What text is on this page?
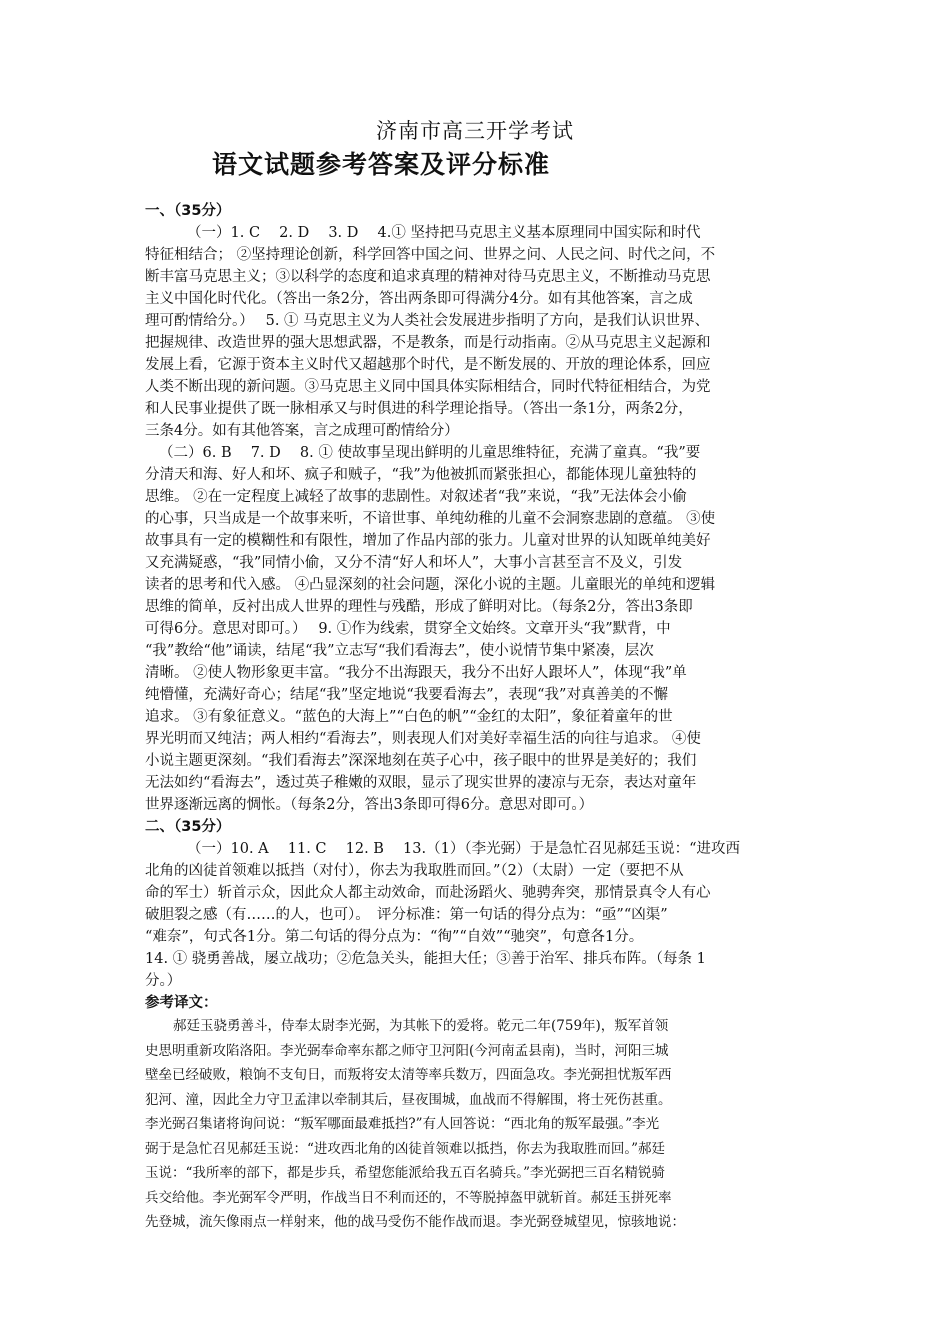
济南市高三开学考试
语文试题参考答案及评分标准
一、（35分）
（一）1. C　 2. D　 3. D　 4.① 坚持把马克思主义基本原理同中国实际和时代
特征相结合； ②坚持理论创新，科学回答中国之问、世界之问、人民之问、时代之问，不
断丰富马克思主义；③以科学的态度和追求真理的精神对待马克思主义，不断推动马克思
主义中国化时代化。（答出一条2分，答出两条即可得满分4分。如有其他答案，言之成
理可酌情给分。）　 5. ① 马克思主义为人类社会发展进步指明了方向，是我们认识世界、
把握规律、改造世界的强大思想武器，不是教条，而是行动指南。②从马克思主义起源和
发展上看，它源于资本主义时代又超越那个时代，是不断发展的、开放的理论体系，回应
人类不断出现的新问题。③马克思主义同中国具体实际相结合，同时代特征相结合，为党
和人民事业提供了既一脉相承又与时俱进的科学理论指导。（答出一条1分，两条2分，
三条4分。如有其他答案，言之成理可酌情给分）
（二）6. B　 7. D　 8. ① 使故事呈现出鲜明的儿童思维特征，充满了童真。“我”要
分清天和海、好人和坏、疯子和贼子，“我”为他被抓而紧张担心，都能体现儿童独特的
思维。 ②在一定程度上减轻了故事的悲剧性。对叙述者“我”来说，“我”无法体会小偷
的心事，只当成是一个故事来听，不谙世事、单纯幼稚的儿童不会洞察悲剧的意蕴。 ③使
故事具有一定的模糊性和有限性，增加了作品内部的张力。儿童对世界的认知既单纯美好
又充满疑惑，“我”同情小偷，又分不清“好人和坏人”，大事小言甚至言不及义，引发
读者的思考和代入感。 ④凸显深刻的社会问题，深化小说的主题。儿童眼光的单纯和逻辑
思维的简单，反衬出成人世界的理性与残酷，形成了鲜明对比。（每条2分，答出3条即
可得6分。意思对即可。）　 9. ①作为线索，贯穿全文始终。文章开头“我”默背，中
“我”教给“他”诵读，结尾“我”立志写“我们看海去”，使小说情节集中紧凑，层次
清晰。 ②使人物形象更丰富。“我分不出海跟天，我分不出好人跟坏人”，体现“我”单
纯懵懂，充满好奇心；结尾“我”坚定地说“我要看海去”，表现“我”对真善美的不懈
追求。 ③有象征意义。“蓝色的大海上”“白色的帆”“金红的太阳”，象征着童年的世
界光明而又纯洁；两人相约“看海去”，则表现人们对美好幸福生活的向往与追求。 ④使
小说主题更深刻。“我们看海去”深深地刻在英子心中，孩子眼中的世界是美好的；我们
无法如约“看海去”，透过英子稚嫩的双眼，显示了现实世界的凄凉与无奈，表达对童年
世界逐渐远离的惆怅。（每条2分，答出3条即可得6分。意思对即可。）
二、（35分）
（一）10. A　 11. C　 12. B　 13.（1）（李光弼）于是急忙召见郝廷玉说：“进攻西
北角的凶徒首领难以抵挡（对付），你去为我取胜而回。”（2）（太尉）一定（要把不从
命的军士）斩首示众，因此众人都主动效命，而赴汤蹈火、驰骋奔突，那情景真令人有心
破胆裂之感（有……的人，也可）。　评分标准：第一句话的得分点为：“亟”“凶渠”
“难奈”，句式各1分。第二句话的得分点为：“徇”“自效”“驰突”，句意各1分。
14. ① 骁勇善战，屡立战功；②危急关头，能担大任；③善于治军、排兵布阵。（每条 1
分。）
参考译文：
郝廷玉骁勇善斗，侍奉太尉李光弼，为其帐下的爱将。乾元二年(759年)，叛军首领
史思明重新攻陷洛阳。李光弼奉命率东都之师守卫河阳(今河南孟县南)，当时，河阳三城
壁垒已经破败，粮饷不支旬日，而叛将安太清等率兵数万，四面急攻。李光弼担忧叛军西
犯河、潼，因此全力守卫孟津以牵制其后，昼夜围城，血战而不得解围，将士死伤甚重。
李光弼召集诸将询问说：“叛军哪面最难抵挡?”有人回答说：“西北角的叛军最强。”李光
弼于是急忙召见郝廷玉说：“进攻西北角的凶徒首领难以抵挡，你去为我取胜而回。”郝廷
玉说：“我所率的部下，都是步兵，希望您能派给我五百名骑兵。”李光弼把三百名精锐骑
兵交给他。李光弼军令严明，作战当日不利而还的，不等脱掉盔甲就斩首。郝廷玉拼死率
先登城，流矢像雨点一样射来，他的战马受伤不能作战而退。李光弼登城望见，惊骇地说：
